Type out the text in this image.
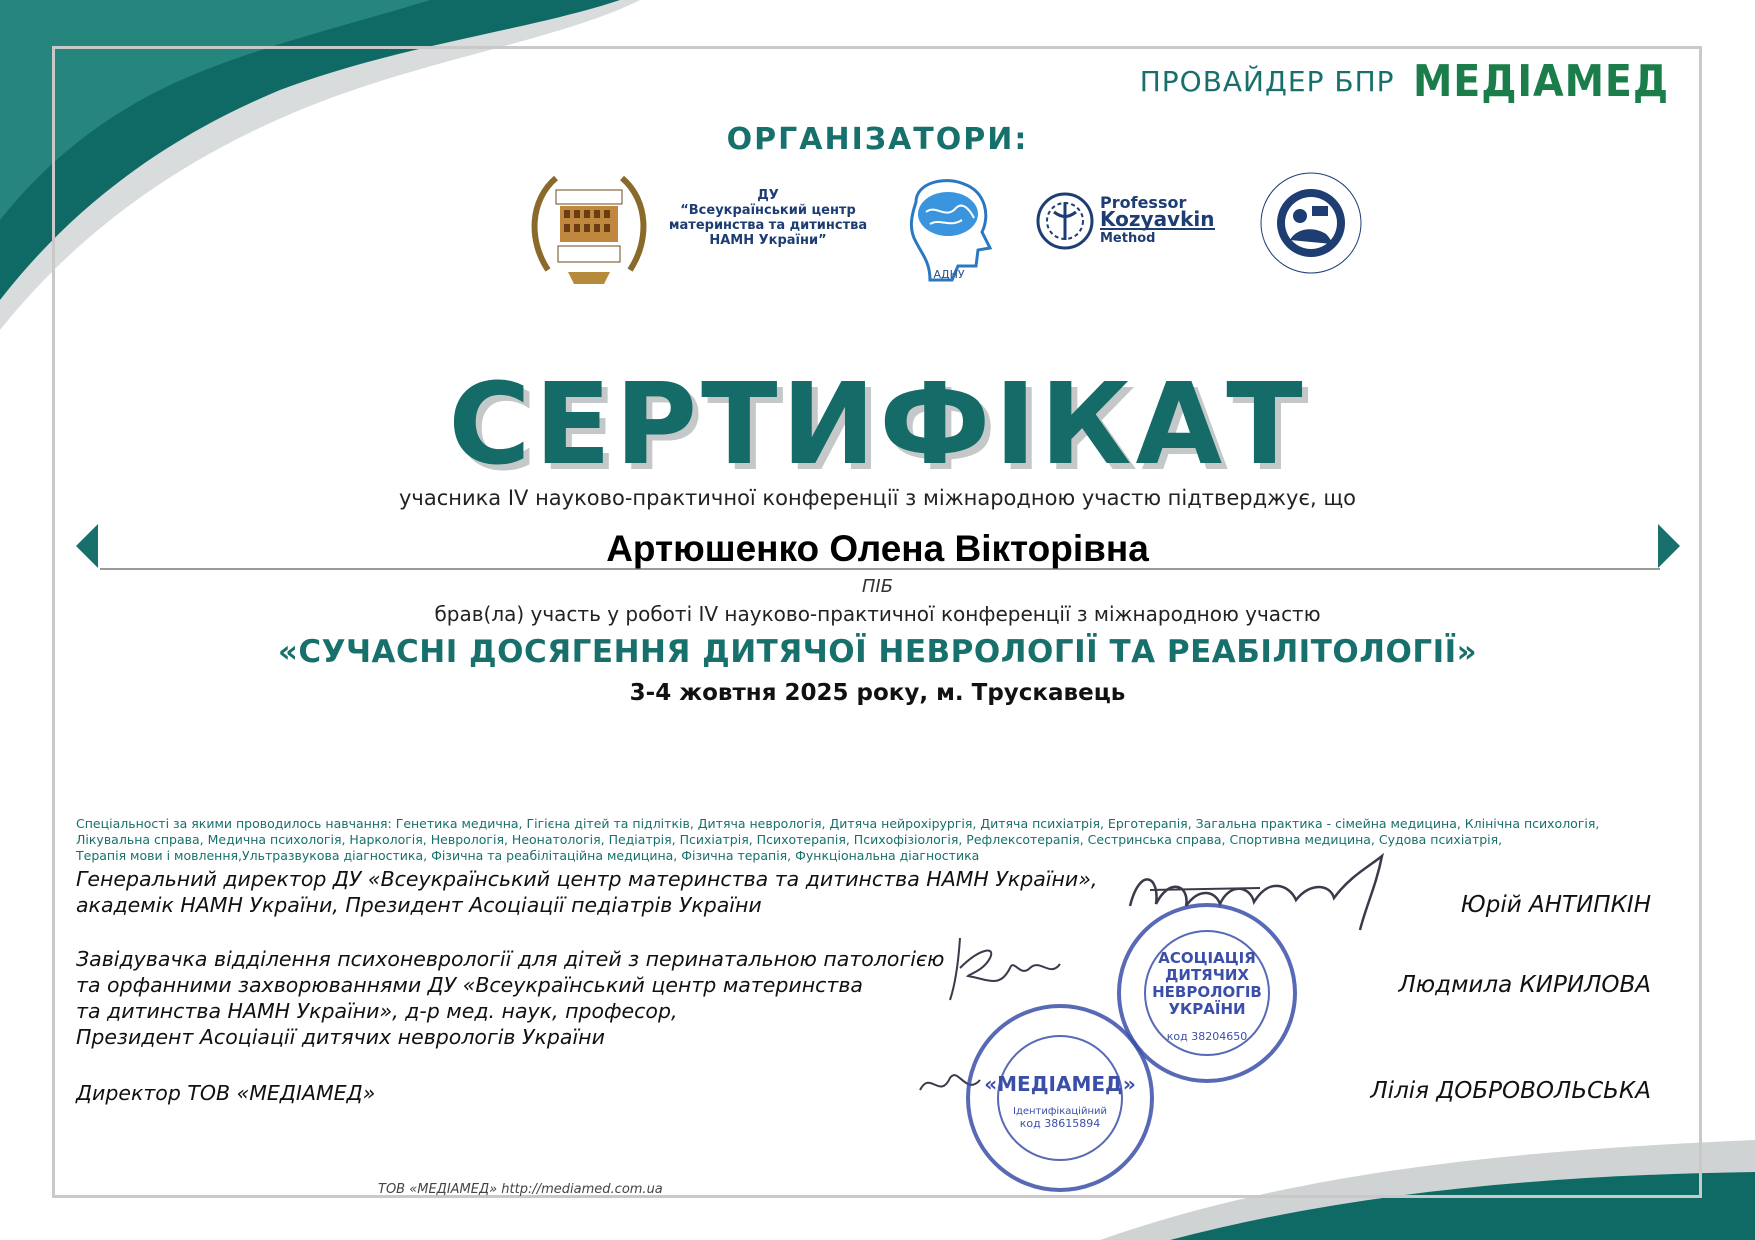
ПРОВАЙДЕР БПР МЕДІАМЕД
ОРГАНІЗАТОРИ:
ДУ
“Всеукраїнський центр
материнства та дитинства
НАМН України”
АДНУ
Professor
Kozyavkin
Method
СЕРТИФІКАТ
учасника IV науково-практичної конференції з міжнародною участю підтверджує, що
Артюшенко Олена Вікторівна
ПІБ
брав(ла) участь у роботі IV науково-практичної конференції з міжнародною участю
«СУЧАСНІ ДОСЯГЕННЯ ДИТЯЧОЇ НЕВРОЛОГІЇ ТА РЕАБІЛІТОЛОГІЇ»
3-4 жовтня 2025 року, м. Трускавець
Спеціальності за якими проводилось навчання: Генетика медична, Гігієна дітей та підлітків, Дитяча неврологія, Дитяча нейрохірургія, Дитяча психіатрія, Ерготерапія, Загальна практика - сімейна медицина, Клінічна психологія,
Лікувальна справа, Медична психологія, Наркологія, Неврологія, Неонатологія, Педіатрія, Психіатрія, Психотерапія, Психофізіологія, Рефлексотерапія, Сестринська справа, Спортивна медицина, Судова психіатрія,
Терапія мови і мовлення,Ультразвукова діагностика, Фізична та реабілітаційна медицина, Фізична терапія, Функціональна діагностика
Генеральний директор ДУ «Всеукраїнський центр материнства та дитинства НАМН України»,
академік НАМН України, Президент Асоціації педіатрів України	Юрій АНТИПКІН
Завідувачка відділення психоневрології для дітей з перинатальною патологією
та орфанними захворюваннями ДУ «Всеукраїнський центр материнства
та дитинства НАМН України», д-р мед. наук, професор,
Президент Асоціації дитячих неврологів України
Людмила КИРИЛОВА
Директор ТОВ «МЕДІАМЕД»	Лілія ДОБРОВОЛЬСЬКА
АСОЦІАЦІЯ
ДИТЯЧИХ
НЕВРОЛОГІВ
УКРАЇНИ
код 38204650
«МЕДІАМЕД»
Ідентифікаційний
код 38615894
ТОВ «МЕДІАМЕД» http://mediamed.com.ua
